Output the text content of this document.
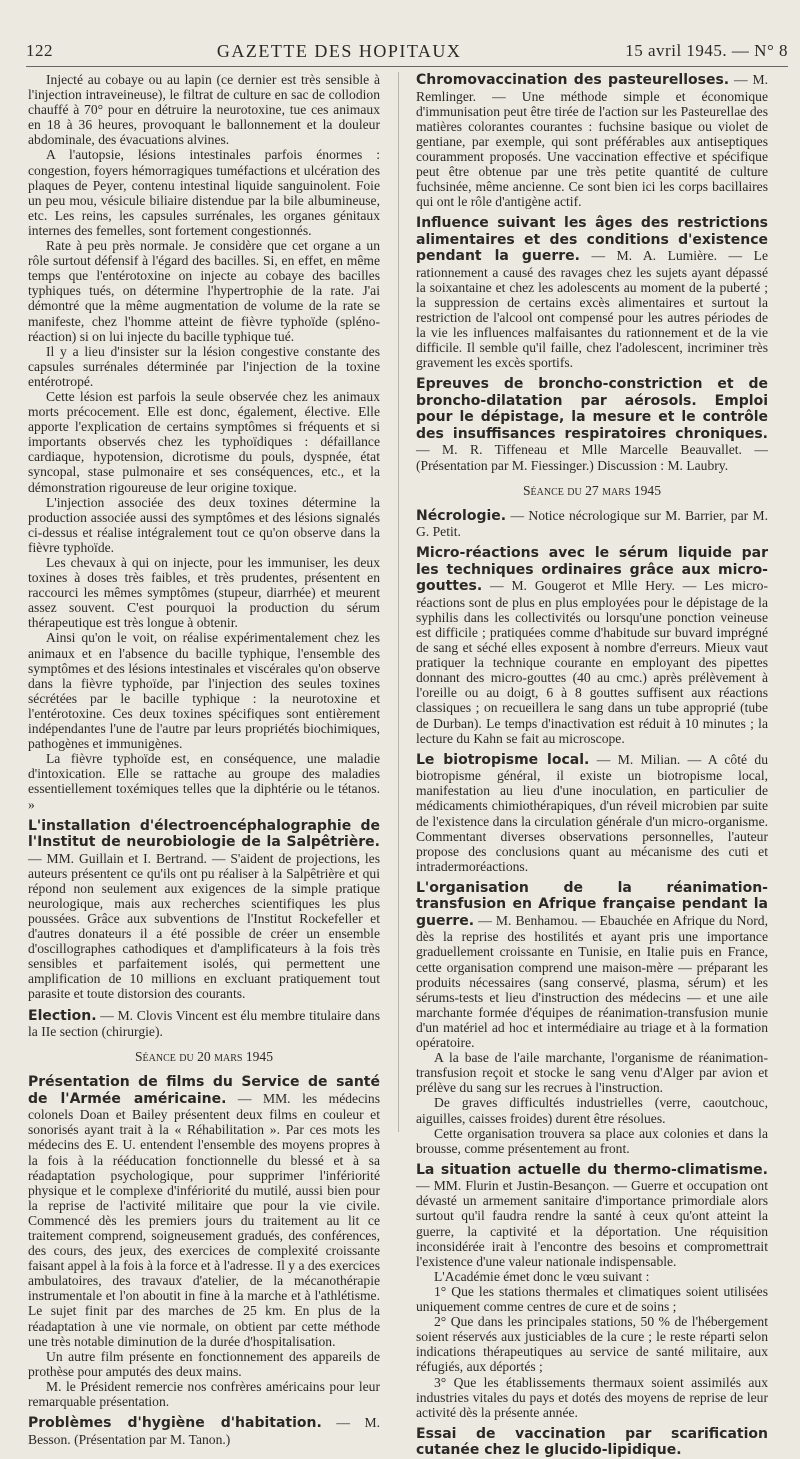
122	GAZETTE DES HOPITAUX	15 avril 1945. — N° 8

Injecté au cobaye ou au lapin (ce dernier est très sensible à l'injection intraveineuse), le filtrat de culture en sac de collodion chauffé à 70° pour en détruire la neurotoxine, tue ces animaux en 18 à 36 heures, provoquant le ballonnement et la douleur abdominale, des évacuations alvines.

A l'autopsie, lésions intestinales parfois énormes : congestion, foyers hémorragiques tuméfactions et ulcération des plaques de Peyer, contenu intestinal liquide sanguinolent. Foie un peu mou, vésicule biliaire distendue par la bile albumineuse, etc. Les reins, les capsules surrénales, les organes génitaux internes des femelles, sont fortement congestionnés.

Rate à peu près normale. Je considère que cet organe a un rôle surtout défensif à l'égard des bacilles. Si, en effet, en même temps que l'entérotoxine on injecte au cobaye des bacilles typhiques tués, on détermine l'hypertrophie de la rate. J'ai démontré que la même augmentation de volume de la rate se manifeste, chez l'homme atteint de fièvre typhoïde (spléno-réaction) si on lui injecte du bacille typhique tué.

Il y a lieu d'insister sur la lésion congestive constante des capsules surrénales déterminée par l'injection de la toxine entérotropé.

Cette lésion est parfois la seule observée chez les animaux morts précocement. Elle est donc, également, élective. Elle apporte l'explication de certains symptômes si fréquents et si importants observés chez les typhoïdiques : défaillance cardiaque, hypotension, dicrotisme du pouls, dyspnée, état syncopal, stase pulmonaire et ses conséquences, etc., et la démonstration rigoureuse de leur origine toxique.

L'injection associée des deux toxines détermine la production associée aussi des symptômes et des lésions signalés ci-dessus et réalise intégralement tout ce qu'on observe dans la fièvre typhoïde.

Les chevaux à qui on injecte, pour les immuniser, les deux toxines à doses très faibles, et très prudentes, présentent en raccourci les mêmes symptômes (stupeur, diarrhée) et meurent assez souvent. C'est pourquoi la production du sérum thérapeutique est très longue à obtenir.

Ainsi qu'on le voit, on réalise expérimentalement chez les animaux et en l'absence du bacille typhique, l'ensemble des symptômes et des lésions intestinales et viscérales qu'on observe dans la fièvre typhoïde, par l'injection des seules toxines sécrétées par le bacille typhique : la neurotoxine et l'entérotoxine. Ces deux toxines spécifiques sont entièrement indépendantes l'une de l'autre par leurs propriétés biochimiques, pathogènes et immunigènes.

La fièvre typhoïde est, en conséquence, une maladie d'intoxication. Elle se rattache au groupe des maladies essentiellement toxémiques telles que la diphtérie ou le tétanos. »

L'installation d'électroencéphalographie de l'Institut de neurobiologie de la Salpêtrière. — MM. Guillain et I. Bertrand. — S'aident de projections, les auteurs présentent ce qu'ils ont pu réaliser à la Salpêtrière et qui répond non seulement aux exigences de la simple pratique neurologique, mais aux recherches scientifiques les plus poussées. Grâce aux subventions de l'Institut Rockefeller et d'autres donateurs il a été possible de créer un ensemble d'oscillographes cathodiques et d'amplificateurs à la fois très sensibles et parfaitement isolés, qui permettent une amplification de 10 millions en excluant pratiquement tout parasite et toute distorsion des courants.

Election. — M. Clovis Vincent est élu membre titulaire dans la IIe section (chirurgie).

Séance du 20 mars 1945

Présentation de films du Service de santé de l'Armée américaine. — MM. les médecins colonels Doan et Bailey présentent deux films en couleur et sonorisés ayant trait à la « Réhabilitation ». Par ces mots les médecins des E. U. entendent l'ensemble des moyens propres à la fois à la rééducation fonctionnelle du blessé et à sa réadaptation psychologique, pour supprimer l'infériorité physique et le complexe d'infériorité du mutilé, aussi bien pour la reprise de l'activité militaire que pour la vie civile. Commencé dès les premiers jours du traitement au lit ce traitement comprend, soigneusement gradués, des conférences, des cours, des jeux, des exercices de complexité croissante faisant appel à la fois à la force et à l'adresse. Il y a des exercices ambulatoires, des travaux d'atelier, de la mécanothérapie instrumentale et l'on aboutit in fine à la marche et à l'athlétisme. Le sujet finit par des marches de 25 km. En plus de la réadaptation à une vie normale, on obtient par cette méthode une très notable diminution de la durée d'hospitalisation.

Un autre film présente en fonctionnement des appareils de prothèse pour amputés des deux mains.

M. le Président remercie nos confrères américains pour leur remarquable présentation.

Problèmes d'hygiène d'habitation. — M. Besson. (Présentation par M. Tanon.)

Chromovaccination des pasteurelloses. — M. Remlinger. — Une méthode simple et économique d'immunisation peut être tirée de l'action sur les Pasteurellae des matières colorantes courantes : fuchsine basique ou violet de gentiane, par exemple, qui sont préférables aux antiseptiques couramment proposés. Une vaccination effective et spécifique peut être obtenue par une très petite quantité de culture fuchsinée, même ancienne. Ce sont bien ici les corps bacillaires qui ont le rôle d'antigène actif.

Influence suivant les âges des restrictions alimentaires et des conditions d'existence pendant la guerre. — M. A. Lumière. — Le rationnement a causé des ravages chez les sujets ayant dépassé la soixantaine et chez les adolescents au moment de la puberté ; la suppression de certains excès alimentaires et surtout la restriction de l'alcool ont compensé pour les autres périodes de la vie les influences malfaisantes du rationnement et de la vie difficile. Il semble qu'il faille, chez l'adolescent, incriminer très gravement les excès sportifs.

Epreuves de broncho-constriction et de broncho-dilatation par aérosols. Emploi pour le dépistage, la mesure et le contrôle des insuffisances respiratoires chroniques. — M. R. Tiffeneau et Mlle Marcelle Beauvallet. — (Présentation par M. Fiessinger.) Discussion : M. Laubry.

Séance du 27 mars 1945

Nécrologie. — Notice nécrologique sur M. Barrier, par M. G. Petit.

Micro-réactions avec le sérum liquide par les techniques ordinaires grâce aux micro-gouttes. — M. Gougerot et Mlle Hery. — Les micro-réactions sont de plus en plus employées pour le dépistage de la syphilis dans les collectivités ou lorsqu'une ponction veineuse est difficile ; pratiquées comme d'habitude sur buvard imprégné de sang et séché elles exposent à nombre d'erreurs. Mieux vaut pratiquer la technique courante en employant des pipettes donnant des micro-gouttes (40 au cmc.) après prélèvement à l'oreille ou au doigt, 6 à 8 gouttes suffisent aux réactions classiques ; on recueillera le sang dans un tube approprié (tube de Durban). Le temps d'inactivation est réduit à 10 minutes ; la lecture du Kahn se fait au microscope.

Le biotropisme local. — M. Milian. — A côté du biotropisme général, il existe un biotropisme local, manifestation au lieu d'une inoculation, en particulier de médicaments chimiothérapiques, d'un réveil microbien par suite de l'existence dans la circulation générale d'un micro-organisme. Commentant diverses observations personnelles, l'auteur propose des conclusions quant au mécanisme des cuti et intradermoréactions.

L'organisation de la réanimation-transfusion en Afrique française pendant la guerre. — M. Benhamou. — Ebauchée en Afrique du Nord, dès la reprise des hostilités et ayant pris une importance graduellement croissante en Tunisie, en Italie puis en France, cette organisation comprend une maison-mère — préparant les produits nécessaires (sang conservé, plasma, sérum) et les sérums-tests et lieu d'instruction des médecins — et une aile marchante formée d'équipes de réanimation-transfusion munie d'un matériel ad hoc et intermédiaire au triage et à la formation opératoire.

A la base de l'aile marchante, l'organisme de réanimation-transfusion reçoit et stocke le sang venu d'Alger par avion et prélève du sang sur les recrues à l'instruction.

De graves difficultés industrielles (verre, caoutchouc, aiguilles, caisses froides) durent être résolues.

Cette organisation trouvera sa place aux colonies et dans la brousse, comme présentement au front.

La situation actuelle du thermo-climatisme. — MM. Flurin et Justin-Besançon. — Guerre et occupation ont dévasté un armement sanitaire d'importance primordiale alors surtout qu'il faudra rendre la santé à ceux qu'ont atteint la guerre, la captivité et la déportation. Une réquisition inconsidérée irait à l'encontre des besoins et compromettrait l'existence d'une valeur nationale indispensable.

L'Académie émet donc le vœu suivant :

1° Que les stations thermales et climatiques soient utilisées uniquement comme centres de cure et de soins ;

2° Que dans les principales stations, 50 % de l'hébergement soient réservés aux justiciables de la cure ; le reste réparti selon indications thérapeutiques au service de santé militaire, aux réfugiés, aux déportés ;

3° Que les établissements thermaux soient assimilés aux industries vitales du pays et dotés des moyens de reprise de leur activité dès la présente année.

Essai de vaccination par scarification cutanée chez le glucido-lipidique.
